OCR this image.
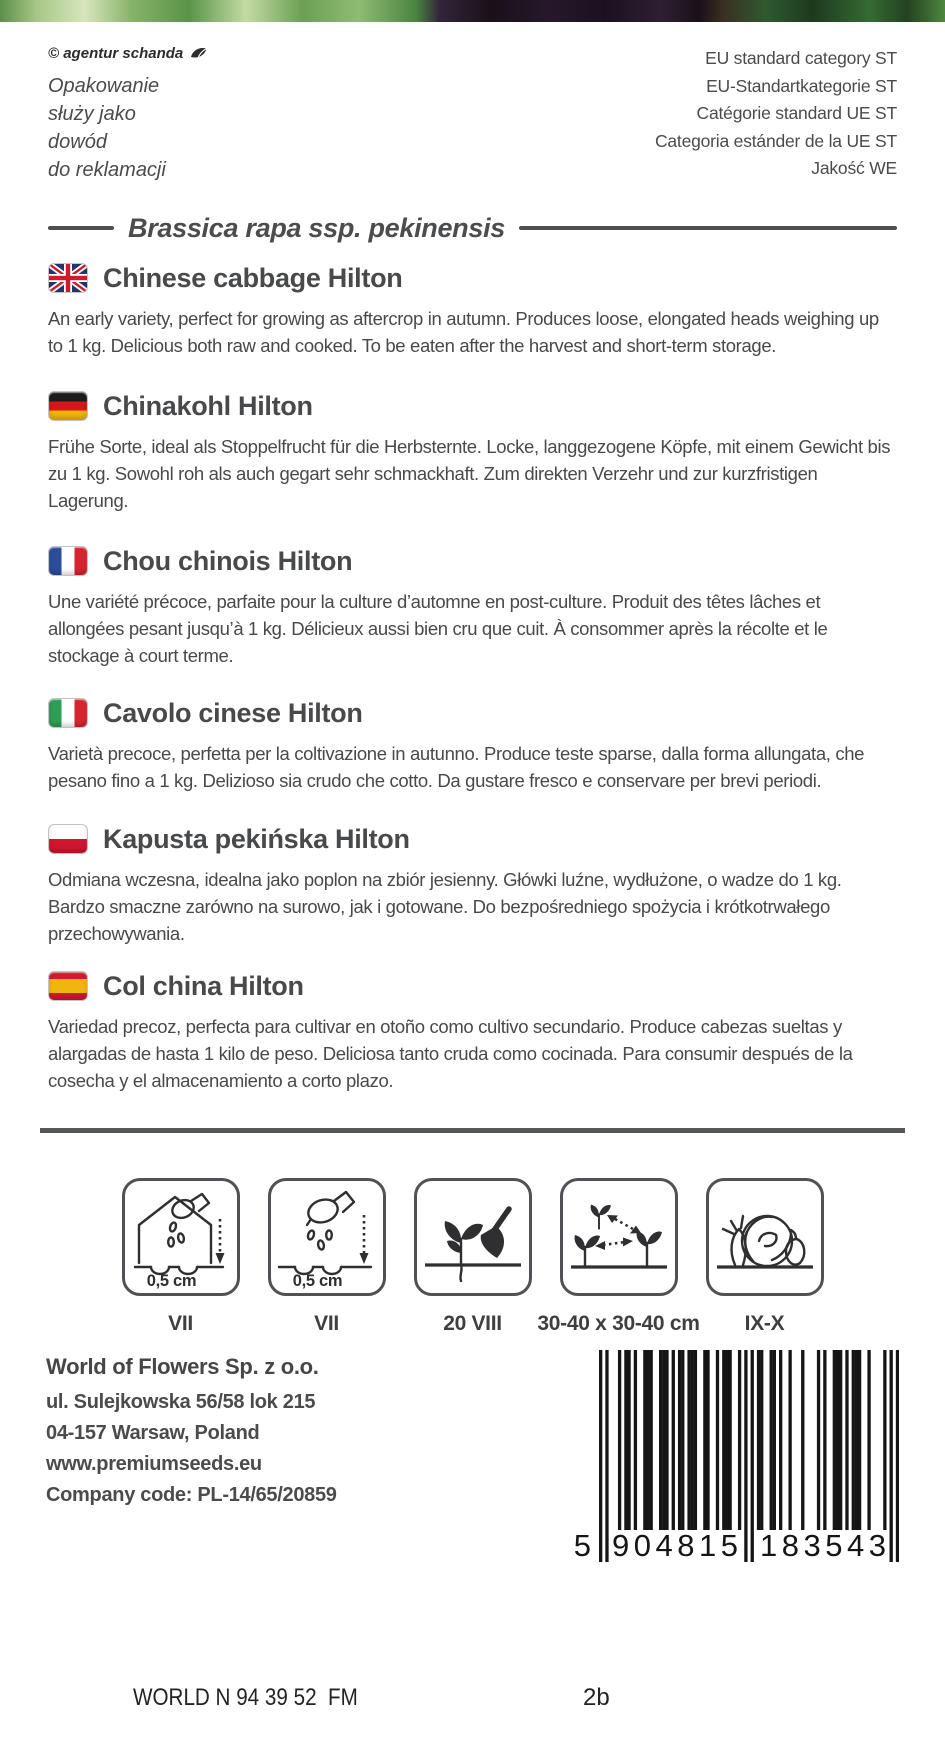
© agentur schanda
Opakowanie
służy jako
dowód
do reklamacji
EU standard category ST
EU-Standartkategorie ST
Catégorie standard UE ST
Categoria estánder de la UE ST
Jakość WE
Brassica rapa ssp. pekinensis
Chinese cabbage Hilton

An early variety, perfect for growing as aftercrop in autumn. Produces loose, elongated heads weighing up to 1 kg. Delicious both raw and cooked. To be eaten after the harvest and short-term storage.

Chinakohl Hilton

Frühe Sorte, ideal als Stoppelfrucht für die Herbsternte. Locke, langgezogene Köpfe, mit einem Gewicht bis zu 1 kg. Sowohl roh als auch gegart sehr schmackhaft. Zum direkten Verzehr und zur kurzfristigen Lagerung.

Chou chinois Hilton

Une variété précoce, parfaite pour la culture d’automne en post-culture. Produit des têtes lâches et allongées pesant jusqu’à 1 kg. Délicieux aussi bien cru que cuit. À consommer après la récolte et le stockage à court terme.

Cavolo cinese Hilton

Varietà precoce, perfetta per la coltivazione in autunno. Produce teste sparse, dalla forma allungata, che pesano fino a 1 kg. Delizioso sia crudo che cotto. Da gustare fresco e conservare per brevi periodi.

Kapusta pekińska Hilton

Odmiana wczesna, idealna jako poplon na zbiór jesienny. Główki luźne, wydłużone, o wadze do 1 kg. Bardzo smaczne zarówno na surowo, jak i gotowane. Do bezpośredniego spożycia i krótkotrwałego przechowywania.

Col china Hilton

Variedad precoz, perfecta para cultivar en otoño como cultivo secundario. Produce cabezas sueltas y alargadas de hasta 1 kilo de peso. Deliciosa tanto cruda como cocinada. Para consumir después de la cosecha y el almacenamiento a corto plazo.

0,5 cm
VII
0,5 cm
VII	20 VIII 30-40 x 30-40 cm IX-X
World of Flowers Sp. z o.o.
ul. Sulejkowska 56/58 lok 215
04-157 Warsaw, Poland
www.premiumseeds.eu
Company code: PL-14/65/20859
5 9 0 4 8 1 5 1 8 3 5 4 3
WORLD N 94 39 52  FM	2b
